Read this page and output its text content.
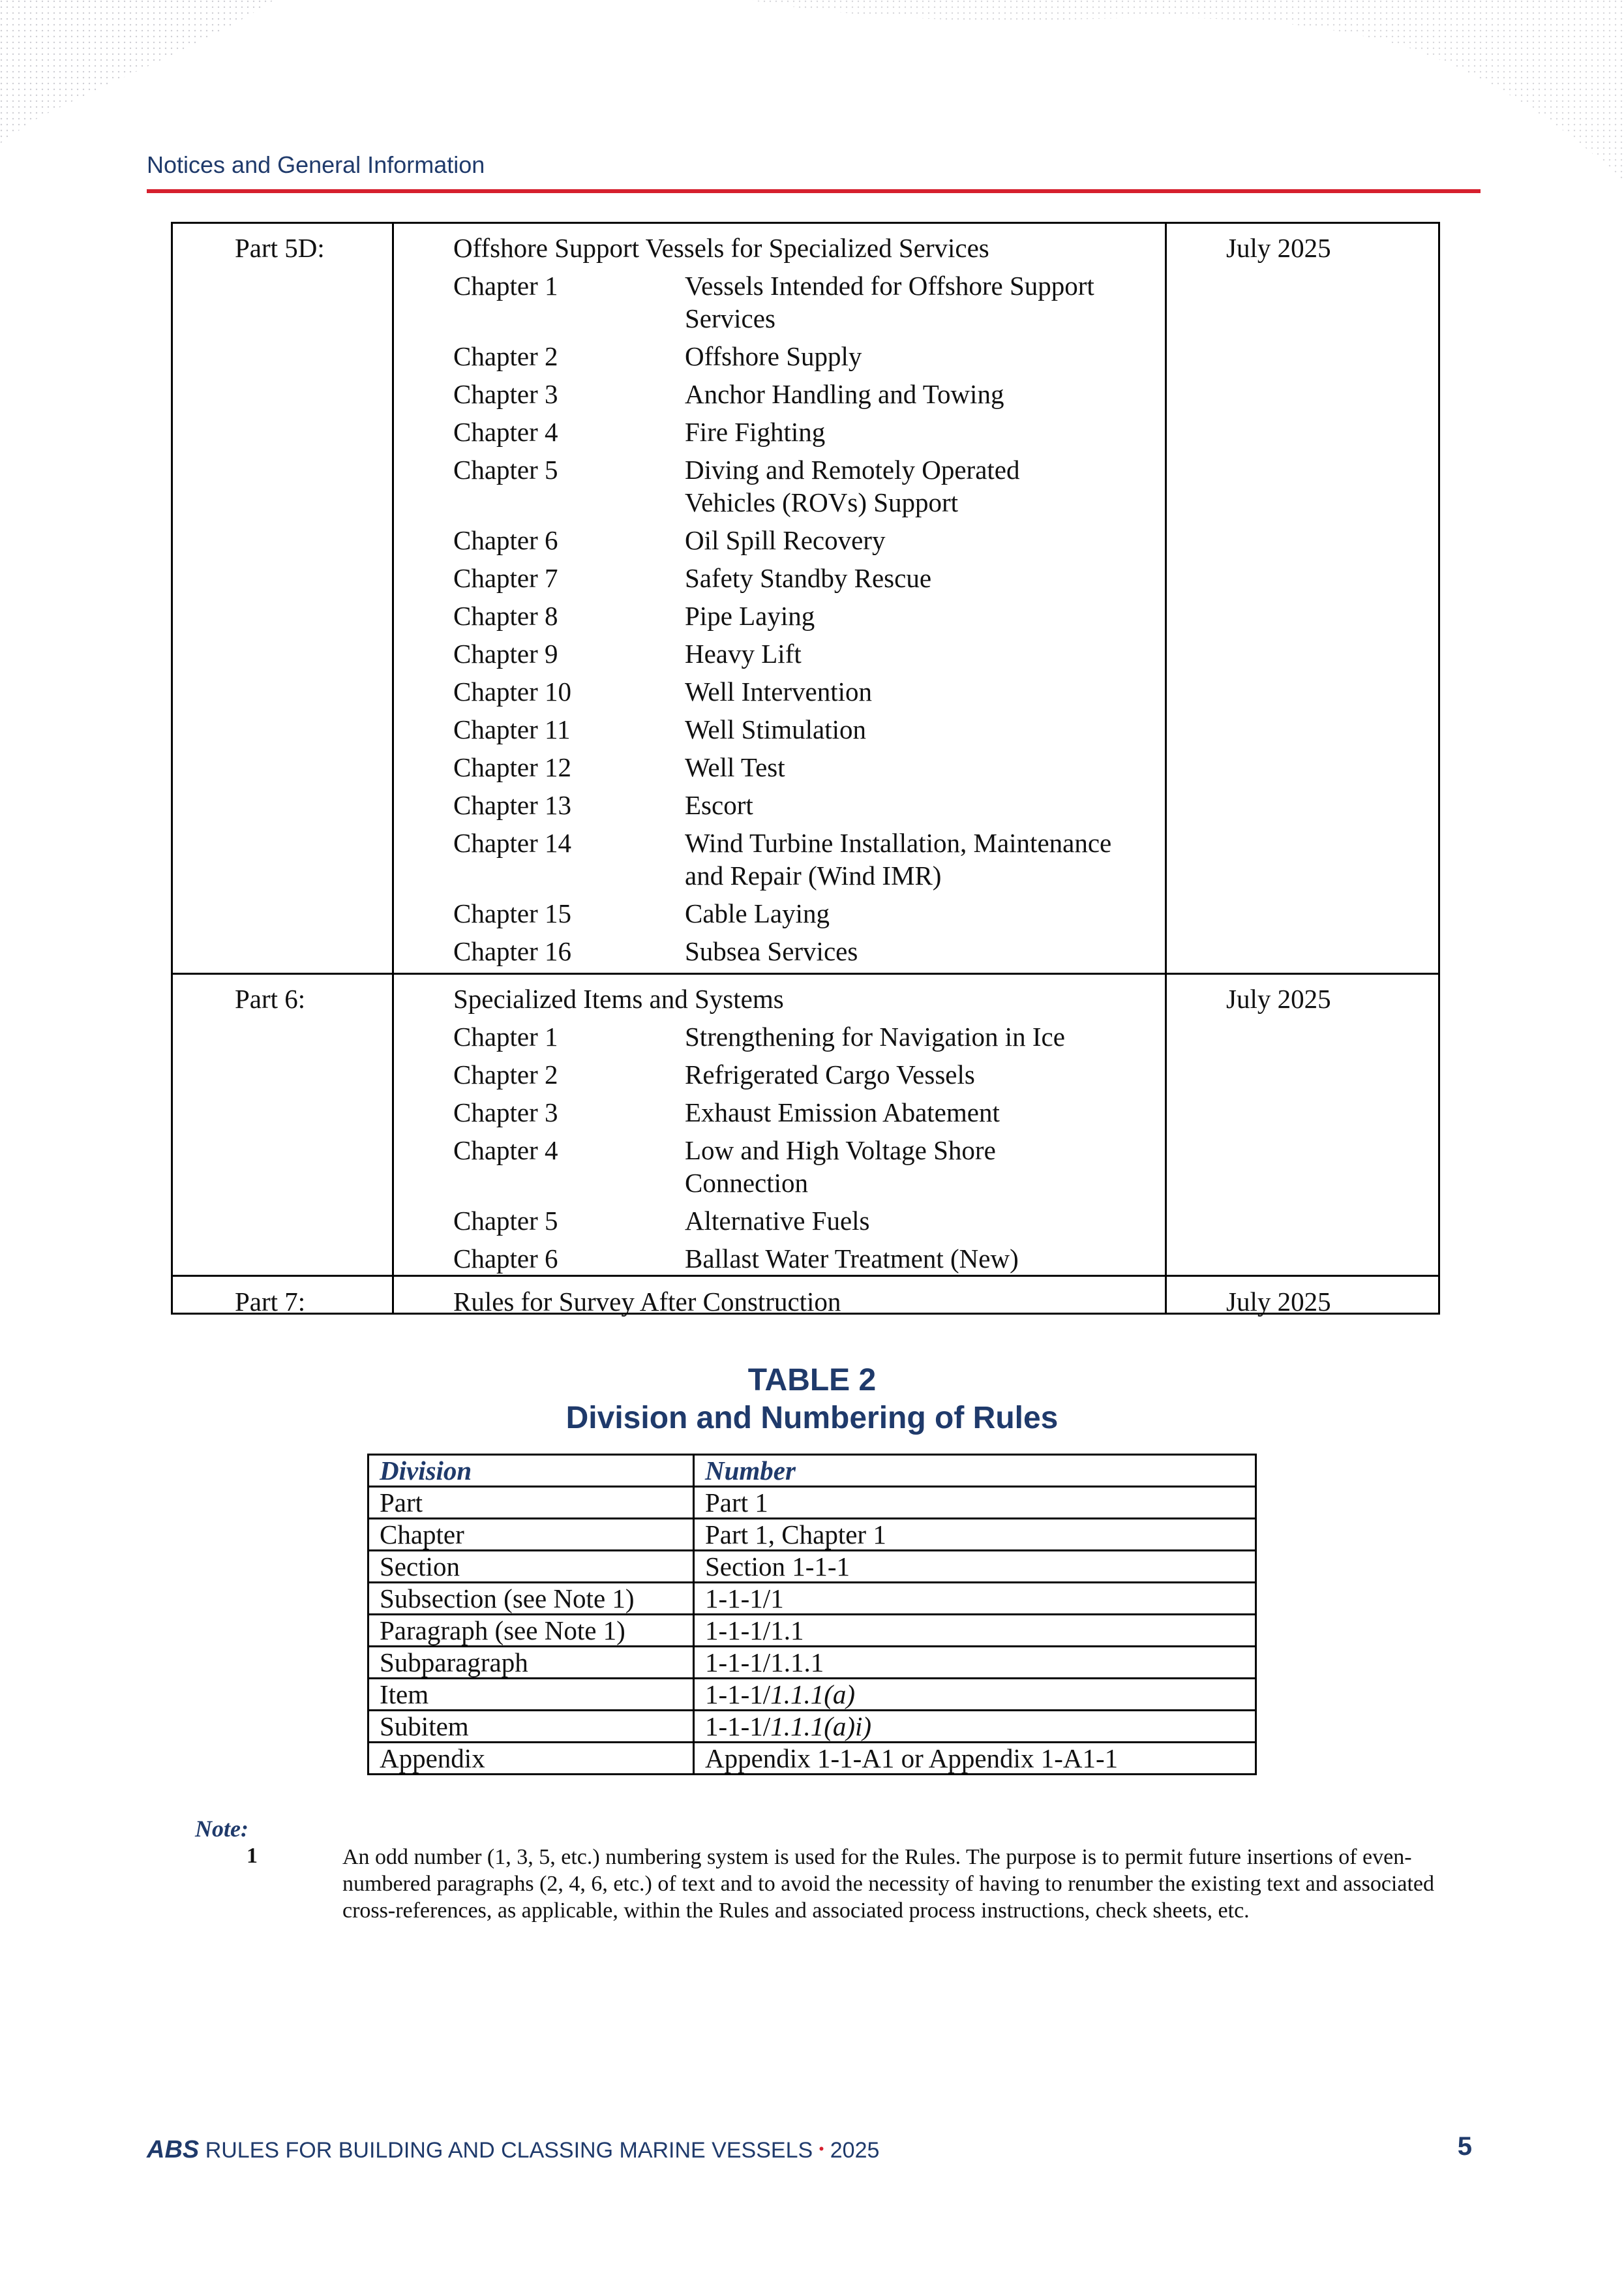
Notices and General Information
Part 5D:	Offshore Support Vessels for Specialized Services	July 2025
Chapter 1	Vessels Intended for Offshore Support
Services
Chapter 2	Offshore Supply
Chapter 3	Anchor Handling and Towing
Chapter 4	Fire Fighting
Chapter 5	Diving and Remotely Operated
Vehicles (ROVs) Support
Chapter 6	Oil Spill Recovery
Chapter 7	Safety Standby Rescue
Chapter 8	Pipe Laying
Chapter 9	Heavy Lift
Chapter 10	Well Intervention
Chapter 11	Well Stimulation
Chapter 12	Well Test
Chapter 13	Escort
Chapter 14	Wind Turbine Installation, Maintenance
and Repair (Wind IMR)
Chapter 15	Cable Laying
Chapter 16	Subsea Services
Part 6:	Specialized Items and Systems	July 2025
Chapter 1	Strengthening for Navigation in Ice
Chapter 2	Refrigerated Cargo Vessels
Chapter 3	Exhaust Emission Abatement
Chapter 4	Low and High Voltage Shore
Connection
Chapter 5	Alternative Fuels
Chapter 6	Ballast Water Treatment (New)
Part 7:	Rules for Survey After Construction	July 2025
TABLE 2
Division and Numbering of Rules
Division	Number
Part	Part 1
Chapter	Part 1, Chapter 1
Section	Section 1-1-1
Subsection (see Note 1)	1-1-1/1
Paragraph (see Note 1)	1-1-1/1.1
Subparagraph	1-1-1/1.1.1
Item	1-1-1/1.1.1(a)
Subitem	1-1-1/1.1.1(a)i)
Appendix	Appendix 1-1-A1 or Appendix 1-A1-1
Note:
1	An odd number (1, 3, 5, etc.) numbering system is used for the Rules. The purpose is to permit future insertions of even-numbered paragraphs (2, 4, 6, etc.) of text and to avoid the necessity of having to renumber the existing text and associated cross-references, as applicable, within the Rules and associated process instructions, check sheets, etc.
ABS RULES FOR BUILDING AND CLASSING MARINE VESSELS • 2025	5
